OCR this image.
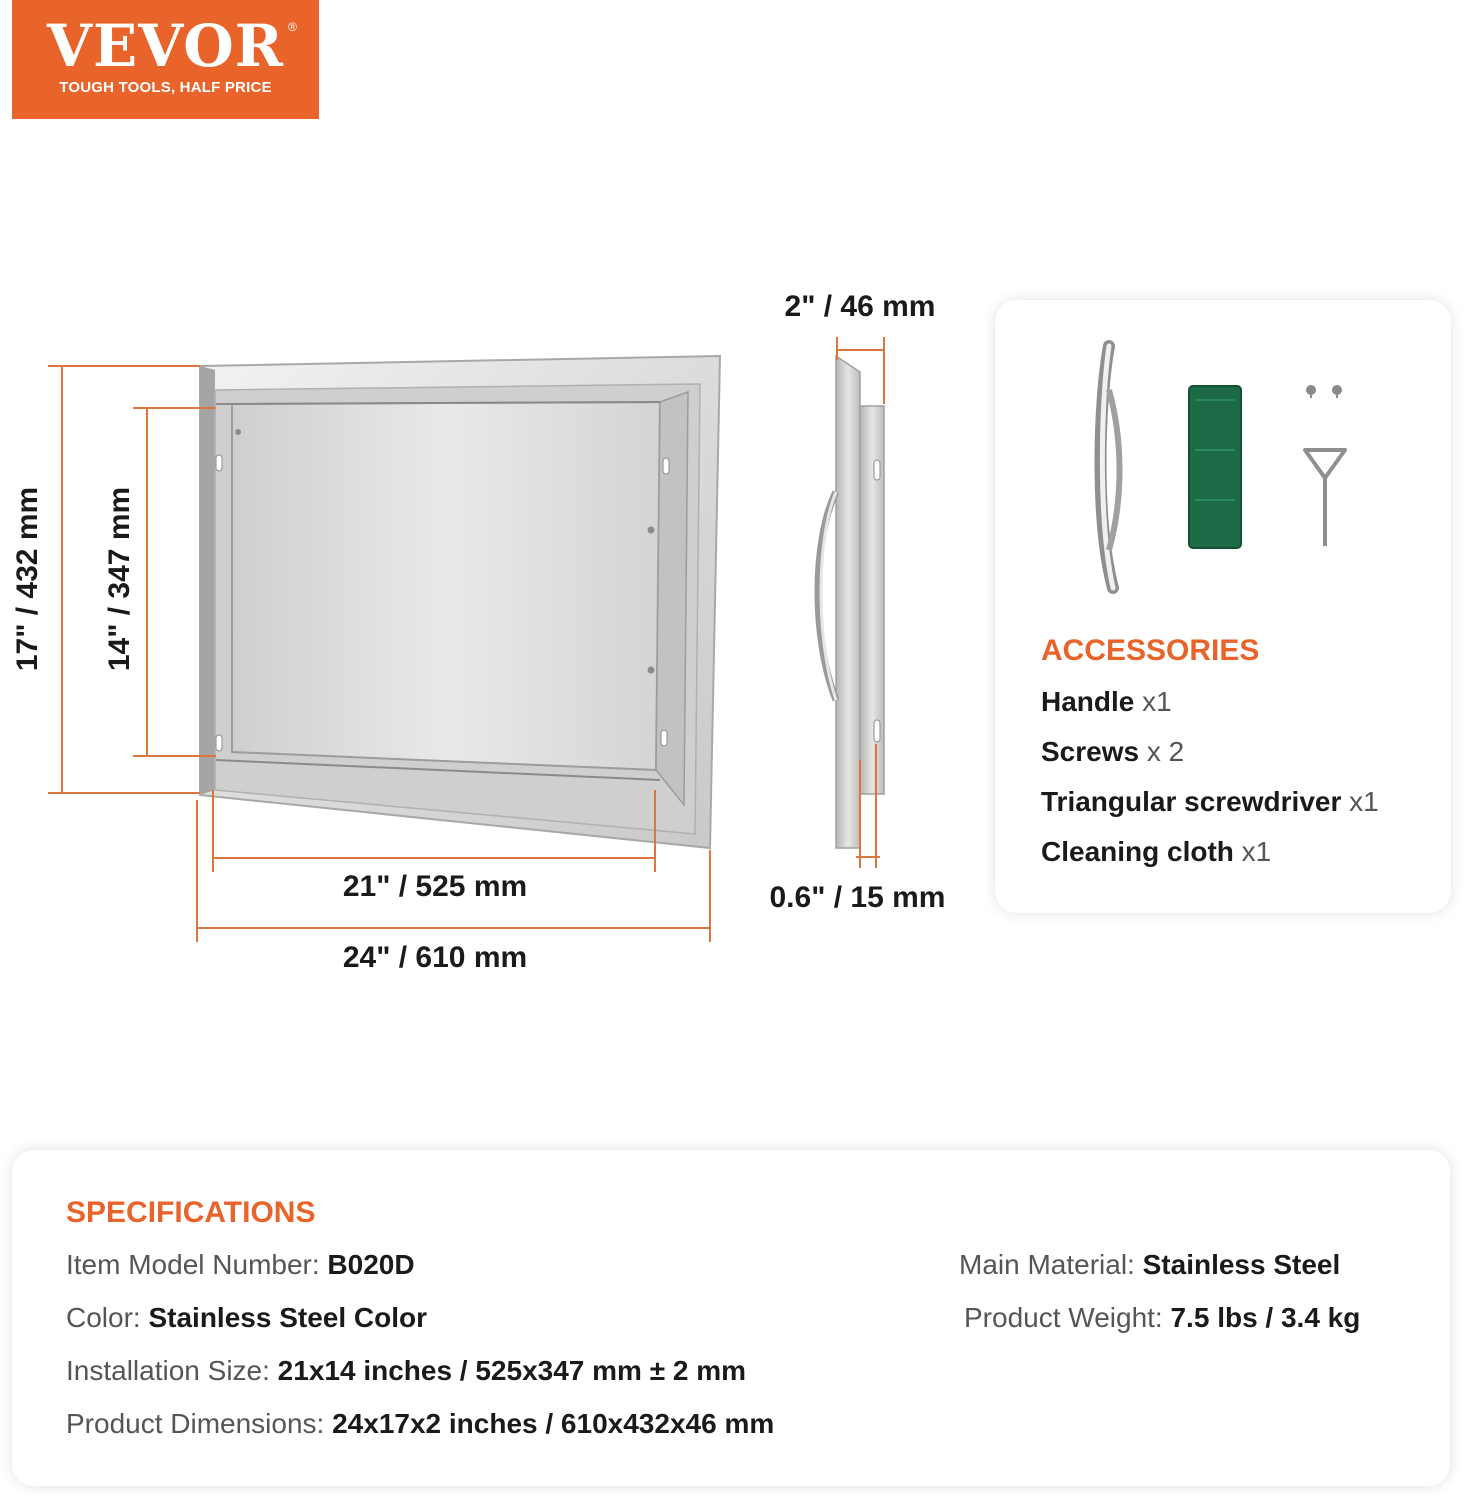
VEVOR ®
TOUGH TOOLS, HALF PRICE
17" / 432 mm 14" / 347 mm
21" / 525 mm
24" / 610 mm
2" / 46 mm
0.6" / 15 mm
ACCESSORIES
Handle x1
Screws x 2
Triangular screwdriver x1
Cleaning cloth x1
SPECIFICATIONS
Item Model Number: B020D
Color: Stainless Steel Color
Installation Size: 21x14 inches / 525x347 mm ± 2 mm
Product Dimensions: 24x17x2 inches / 610x432x46 mm
Main Material: Stainless Steel
Product Weight: 7.5 lbs / 3.4 kg
